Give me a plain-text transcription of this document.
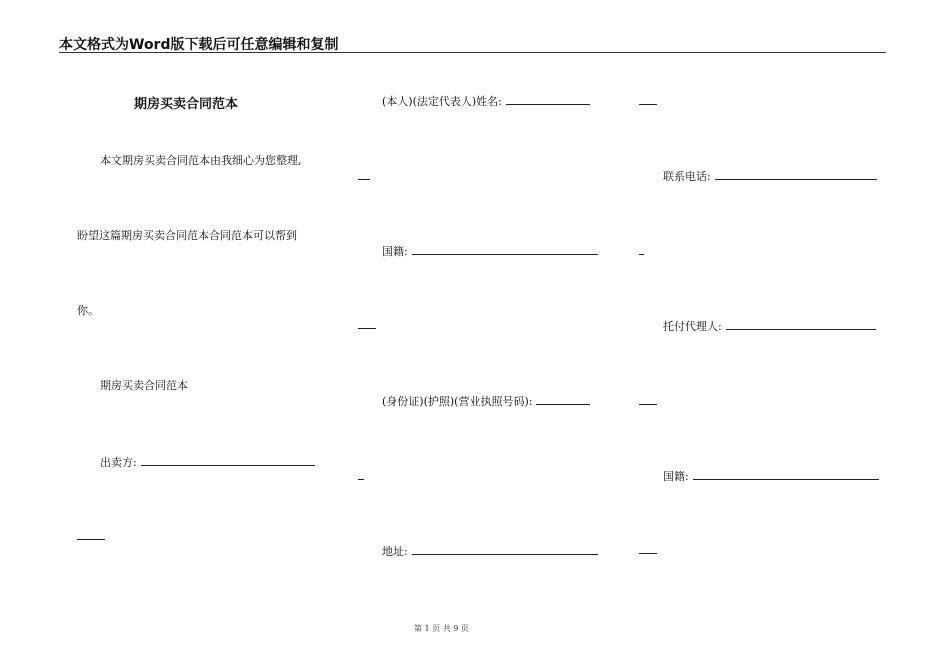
本文格式为Word版下载后可任意编辑和复制
期房买卖合同范本
本文期房买卖合同范本由我细心为您整理,
盼望这篇期房买卖合同范本合同范本可以帮到
你。
期房买卖合同范本
出卖方:
(本人)(法定代表人)姓名:
国籍:
(身份证)(护照)(营业执照号码):
地址:
联系电话:
托付代理人:
国籍:
第 1 页 共 9 页
